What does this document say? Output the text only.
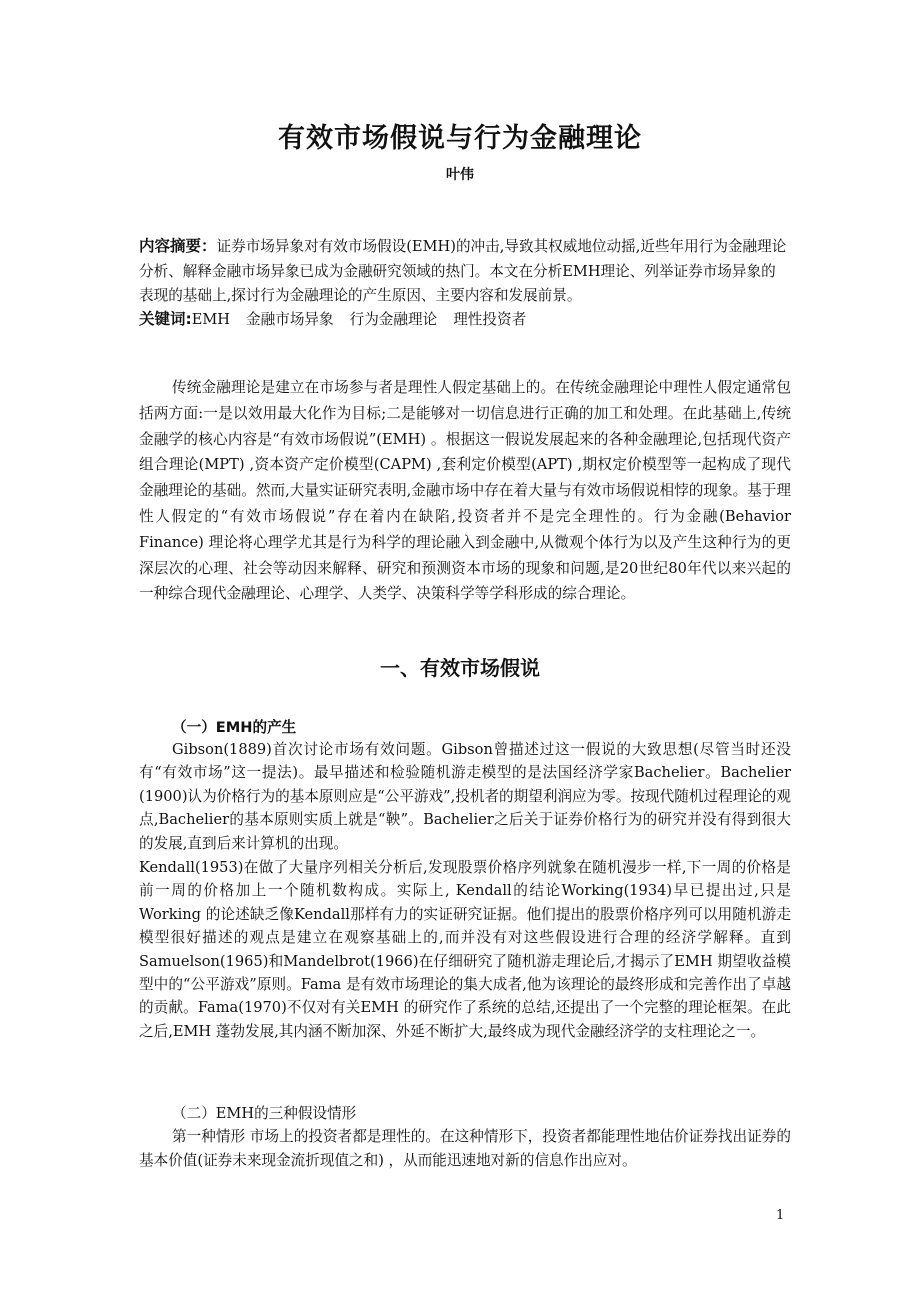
有效市场假说与行为金融理论
叶伟
内容摘要：证券市场异象对有效市场假设(EMH)的冲击,导致其权威地位动摇,近些年用行为金融理论分析、解释金融市场异象已成为金融研究领域的热门。本文在分析EMH理论、列举证券市场异象的表现的基础上,探讨行为金融理论的产生原因、主要内容和发展前景。
关键词:EMH 金融市场异象 行为金融理论 理性投资者
传统金融理论是建立在市场参与者是理性人假定基础上的。在传统金融理论中理性人假定通常包括两方面:一是以效用最大化作为目标;二是能够对一切信息进行正确的加工和处理。在此基础上,传统金融学的核心内容是“有效市场假说”(EMH) 。根据这一假说发展起来的各种金融理论,包括现代资产组合理论(MPT) ,资本资产定价模型(CAPM) ,套利定价模型(APT) ,期权定价模型等一起构成了现代金融理论的基础。然而,大量实证研究表明,金融市场中存在着大量与有效市场假说相悖的现象。基于理性人假定的“有效市场假说”存在着内在缺陷,投资者并不是完全理性的。行为金融(Behavior Finance) 理论将心理学尤其是行为科学的理论融入到金融中,从微观个体行为以及产生这种行为的更深层次的心理、社会等动因来解释、研究和预测资本市场的现象和问题,是20世纪80年代以来兴起的一种综合现代金融理论、心理学、人类学、决策科学等学科形成的综合理论。
一、有效市场假说
（一）EMH的产生
Gibson(1889)首次讨论市场有效问题。Gibson曾描述过这一假说的大致思想(尽管当时还没有“有效市场”这一提法)。最早描述和检验随机游走模型的是法国经济学家Bachelier。Bachelier (1900)认为价格行为的基本原则应是“公平游戏”,投机者的期望利润应为零。按现代随机过程理论的观点,Bachelier的基本原则实质上就是“鞅”。Bachelier之后关于证券价格行为的研究并没有得到很大的发展,直到后来计算机的出现。
Kendall(1953)在做了大量序列相关分析后,发现股票价格序列就象在随机漫步一样,下一周的价格是前一周的价格加上一个随机数构成。实际上, Kendall的结论Working(1934)早已提出过,只是Working 的论述缺乏像Kendall那样有力的实证研究证据。他们提出的股票价格序列可以用随机游走模型很好描述的观点是建立在观察基础上的,而并没有对这些假设进行合理的经济学解释。直到Samuelson(1965)和Mandelbrot(1966)在仔细研究了随机游走理论后,才揭示了EMH 期望收益模型中的“公平游戏”原则。Fama 是有效市场理论的集大成者,他为该理论的最终形成和完善作出了卓越的贡献。Fama(1970)不仅对有关EMH 的研究作了系统的总结,还提出了一个完整的理论框架。在此之后,EMH 蓬勃发展,其内涵不断加深、外延不断扩大,最终成为现代金融经济学的支柱理论之一。
（二）EMH的三种假设情形
第一种情形 市场上的投资者都是理性的。在这种情形下，投资者都能理性地估价证券找出证券的基本价值(证券未来现金流折现值之和) ，从而能迅速地对新的信息作出应对。
1
